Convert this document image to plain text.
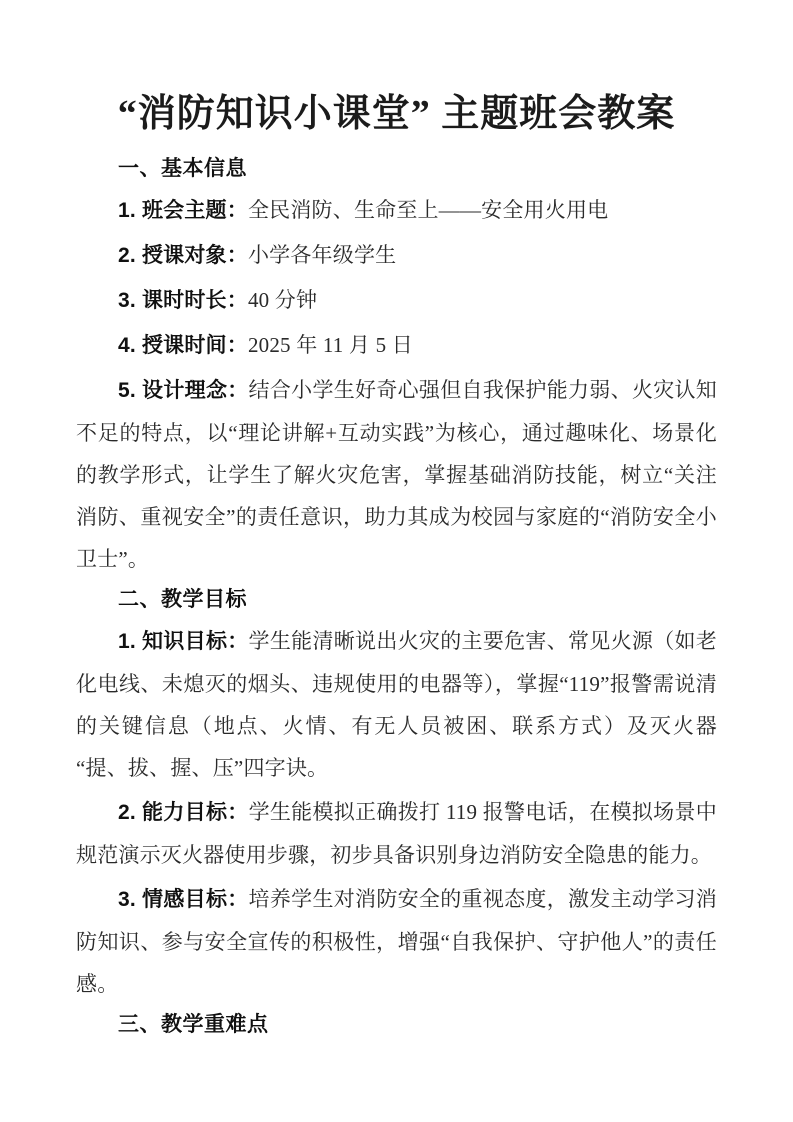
“消防知识小课堂” 主题班会教案
一、基本信息

1. 班会主题：全民消防、生命至上——安全用火用电

2. 授课对象：小学各年级学生

3. 课时时长：40 分钟

4. 授课时间：2025 年 11 月 5 日

5. 设计理念：结合小学生好奇心强但自我保护能力弱、火灾认知不足的特点，以“理论讲解+互动实践”为核心，通过趣味化、场景化的教学形式，让学生了解火灾危害，掌握基础消防技能，树立“关注消防、重视安全”的责任意识，助力其成为校园与家庭的“消防安全小卫士”。

二、教学目标

1. 知识目标：学生能清晰说出火灾的主要危害、常见火源（如老化电线、未熄灭的烟头、违规使用的电器等），掌握“119”报警需说清的关键信息（地点、火情、有无人员被困、联系方式）及灭火器“提、拔、握、压”四字诀。

2. 能力目标：学生能模拟正确拨打 119 报警电话，在模拟场景中规范演示灭火器使用步骤，初步具备识别身边消防安全隐患的能力。

3. 情感目标：培养学生对消防安全的重视态度，激发主动学习消防知识、参与安全宣传的积极性，增强“自我保护、守护他人”的责任感。

三、教学重难点
